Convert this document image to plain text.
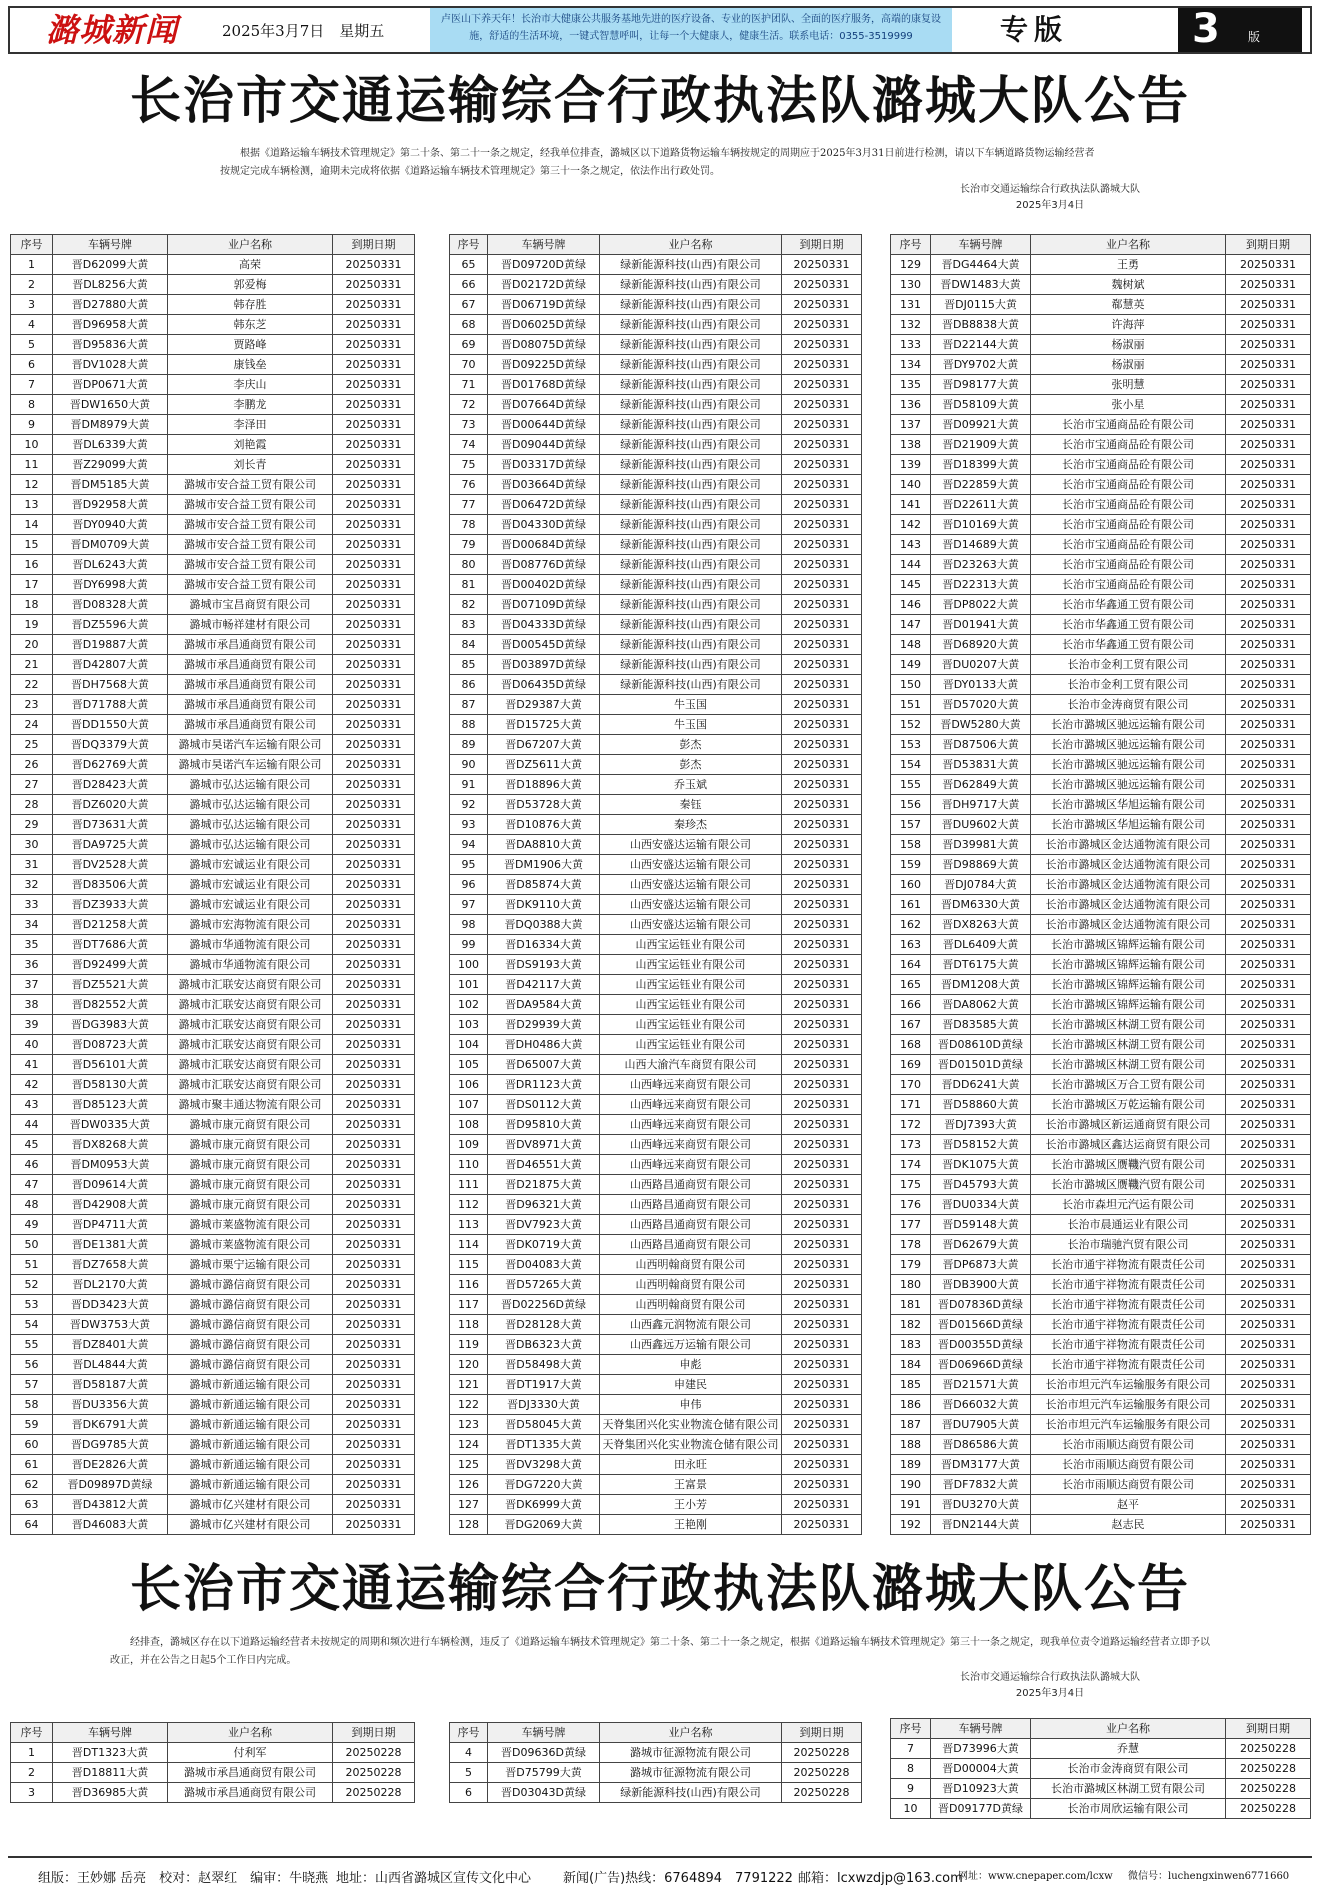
潞城新闻	2025年3月7日　星期五
卢医山下养天年！长治市大健康公共服务基地先进的医疗设备、专业的医护团队、全面的医疗服务，高端的康复设施，舒适的生活环境，一键式智慧呼叫，让每一个大健康人，健康生活。联系电话：0355-3519999	专版	3 版
长治市交通运输综合行政执法队潞城大队公告
根据《道路运输车辆技术管理规定》第二十条、第二十一条之规定，经我单位排查，潞城区以下道路货物运输车辆按规定的周期应于2025年3月31日前进行检测，请以下车辆道路货物运输经营者按规定完成车辆检测，逾期未完成将依据《道路运输车辆技术管理规定》第三十一条之规定，依法作出行政处罚。
长治市交通运输综合行政执法队潞城大队
2025年3月4日
序号	车辆号牌	业户名称	到期日期
1	晋D62099大黄	高荣	20250331
2	晋DL8256大黄	郭爱梅	20250331
3	晋D27880大黄	韩存胜	20250331
4	晋D96958大黄	韩东芝	20250331
5	晋D95836大黄	贾路峰	20250331
6	晋DV1028大黄	康钱垒	20250331
7	晋DP0671大黄	李庆山	20250331
8	晋DW1650大黄	李鹏龙	20250331
9	晋DM8979大黄	李泽田	20250331
10	晋DL6339大黄	刘艳霞	20250331
11	晋Z29099大黄	刘长青	20250331
12	晋DM5185大黄	潞城市安合益工贸有限公司	20250331
13	晋D92958大黄	潞城市安合益工贸有限公司	20250331
14	晋DY0940大黄	潞城市安合益工贸有限公司	20250331
15	晋DM0709大黄	潞城市安合益工贸有限公司	20250331
16	晋DL6243大黄	潞城市安合益工贸有限公司	20250331
17	晋DY6998大黄	潞城市安合益工贸有限公司	20250331
18	晋D08328大黄	潞城市宝昌商贸有限公司	20250331
19	晋DZ5596大黄	潞城市畅祥建材有限公司	20250331
20	晋D19887大黄	潞城市承昌通商贸有限公司	20250331
21	晋D42807大黄	潞城市承昌通商贸有限公司	20250331
22	晋DH7568大黄	潞城市承昌通商贸有限公司	20250331
23	晋D71788大黄	潞城市承昌通商贸有限公司	20250331
24	晋DD1550大黄	潞城市承昌通商贸有限公司	20250331
25	晋DQ3379大黄	潞城市昊诺汽车运输有限公司	20250331
26	晋D62769大黄	潞城市昊诺汽车运输有限公司	20250331
27	晋D28423大黄	潞城市弘达运输有限公司	20250331
28	晋DZ6020大黄	潞城市弘达运输有限公司	20250331
29	晋D73631大黄	潞城市弘达运输有限公司	20250331
30	晋DA9725大黄	潞城市弘达运输有限公司	20250331
31	晋DV2528大黄	潞城市宏诚运业有限公司	20250331
32	晋D83506大黄	潞城市宏诚运业有限公司	20250331
33	晋DZ3933大黄	潞城市宏诚运业有限公司	20250331
34	晋D21258大黄	潞城市宏海物流有限公司	20250331
35	晋DT7686大黄	潞城市华通物流有限公司	20250331
36	晋D92499大黄	潞城市华通物流有限公司	20250331
37	晋DZ5521大黄	潞城市汇联安达商贸有限公司	20250331
38	晋D82552大黄	潞城市汇联安达商贸有限公司	20250331
39	晋DG3983大黄	潞城市汇联安达商贸有限公司	20250331
40	晋D08723大黄	潞城市汇联安达商贸有限公司	20250331
41	晋D56101大黄	潞城市汇联安达商贸有限公司	20250331
42	晋D58130大黄	潞城市汇联安达商贸有限公司	20250331
43	晋D85123大黄	潞城市聚丰通达物流有限公司	20250331
44	晋DW0335大黄	潞城市康元商贸有限公司	20250331
45	晋DX8268大黄	潞城市康元商贸有限公司	20250331
46	晋DM0953大黄	潞城市康元商贸有限公司	20250331
47	晋D09614大黄	潞城市康元商贸有限公司	20250331
48	晋D42908大黄	潞城市康元商贸有限公司	20250331
49	晋DP4711大黄	潞城市莱盛物流有限公司	20250331
50	晋DE1381大黄	潞城市莱盛物流有限公司	20250331
51	晋DZ7658大黄	潞城市栗宁运输有限公司	20250331
52	晋DL2170大黄	潞城市潞信商贸有限公司	20250331
53	晋DD3423大黄	潞城市潞信商贸有限公司	20250331
54	晋DW3753大黄	潞城市潞信商贸有限公司	20250331
55	晋DZ8401大黄	潞城市潞信商贸有限公司	20250331
56	晋DL4844大黄	潞城市潞信商贸有限公司	20250331
57	晋D58187大黄	潞城市新通运输有限公司	20250331
58	晋DU3356大黄	潞城市新通运输有限公司	20250331
59	晋DK6791大黄	潞城市新通运输有限公司	20250331
60	晋DG9785大黄	潞城市新通运输有限公司	20250331
61	晋DE2826大黄	潞城市新通运输有限公司	20250331
62	晋D09897D黄绿	潞城市新通运输有限公司	20250331
63	晋D43812大黄	潞城市亿兴建材有限公司	20250331
64	晋D46083大黄	潞城市亿兴建材有限公司	20250331
序号	车辆号牌	业户名称	到期日期
65	晋D09720D黄绿	绿新能源科技(山西)有限公司	20250331
66	晋D02172D黄绿	绿新能源科技(山西)有限公司	20250331
67	晋D06719D黄绿	绿新能源科技(山西)有限公司	20250331
68	晋D06025D黄绿	绿新能源科技(山西)有限公司	20250331
69	晋D08075D黄绿	绿新能源科技(山西)有限公司	20250331
70	晋D09225D黄绿	绿新能源科技(山西)有限公司	20250331
71	晋D01768D黄绿	绿新能源科技(山西)有限公司	20250331
72	晋D07664D黄绿	绿新能源科技(山西)有限公司	20250331
73	晋D00644D黄绿	绿新能源科技(山西)有限公司	20250331
74	晋D09044D黄绿	绿新能源科技(山西)有限公司	20250331
75	晋D03317D黄绿	绿新能源科技(山西)有限公司	20250331
76	晋D03664D黄绿	绿新能源科技(山西)有限公司	20250331
77	晋D06472D黄绿	绿新能源科技(山西)有限公司	20250331
78	晋D04330D黄绿	绿新能源科技(山西)有限公司	20250331
79	晋D00684D黄绿	绿新能源科技(山西)有限公司	20250331
80	晋D08776D黄绿	绿新能源科技(山西)有限公司	20250331
81	晋D00402D黄绿	绿新能源科技(山西)有限公司	20250331
82	晋D07109D黄绿	绿新能源科技(山西)有限公司	20250331
83	晋D04333D黄绿	绿新能源科技(山西)有限公司	20250331
84	晋D00545D黄绿	绿新能源科技(山西)有限公司	20250331
85	晋D03897D黄绿	绿新能源科技(山西)有限公司	20250331
86	晋D06435D黄绿	绿新能源科技(山西)有限公司	20250331
87	晋D29387大黄	牛玉国	20250331
88	晋D15725大黄	牛玉国	20250331
89	晋D67207大黄	彭杰	20250331
90	晋DZ5611大黄	彭杰	20250331
91	晋D18896大黄	乔玉斌	20250331
92	晋D53728大黄	秦钰	20250331
93	晋D10876大黄	秦珍杰	20250331
94	晋DA8810大黄	山西安盛达运输有限公司	20250331
95	晋DM1906大黄	山西安盛达运输有限公司	20250331
96	晋D85874大黄	山西安盛达运输有限公司	20250331
97	晋DK9110大黄	山西安盛达运输有限公司	20250331
98	晋DQ0388大黄	山西安盛达运输有限公司	20250331
99	晋D16334大黄	山西宝运钰业有限公司	20250331
100	晋DS9193大黄	山西宝运钰业有限公司	20250331
101	晋D42117大黄	山西宝运钰业有限公司	20250331
102	晋DA9584大黄	山西宝运钰业有限公司	20250331
103	晋D29939大黄	山西宝运钰业有限公司	20250331
104	晋DH0486大黄	山西宝运钰业有限公司	20250331
105	晋D65007大黄	山西大渝汽车商贸有限公司	20250331
106	晋DR1123大黄	山西峰远来商贸有限公司	20250331
107	晋DS0112大黄	山西峰远来商贸有限公司	20250331
108	晋D95810大黄	山西峰远来商贸有限公司	20250331
109	晋DV8971大黄	山西峰远来商贸有限公司	20250331
110	晋D46551大黄	山西峰远来商贸有限公司	20250331
111	晋D21875大黄	山西路昌通商贸有限公司	20250331
112	晋D96321大黄	山西路昌通商贸有限公司	20250331
113	晋DV7923大黄	山西路昌通商贸有限公司	20250331
114	晋DK0719大黄	山西路昌通商贸有限公司	20250331
115	晋D04083大黄	山西明翰商贸有限公司	20250331
116	晋D57265大黄	山西明翰商贸有限公司	20250331
117	晋D02256D黄绿	山西明翰商贸有限公司	20250331
118	晋D28128大黄	山西鑫元润物流有限公司	20250331
119	晋DB6323大黄	山西鑫远万运输有限公司	20250331
120	晋D58498大黄	申彪	20250331
121	晋DT1917大黄	申建民	20250331
122	晋DJ3330大黄	申伟	20250331
123	晋D58045大黄	天脊集团兴化实业物流仓储有限公司	20250331
124	晋DT1335大黄	天脊集团兴化实业物流仓储有限公司	20250331
125	晋DV3298大黄	田永旺	20250331
126	晋DG7220大黄	王富景	20250331
127	晋DK6999大黄	王小芳	20250331
128	晋DG2069大黄	王艳刚	20250331
序号	车辆号牌	业户名称	到期日期
129	晋DG4464大黄	王勇	20250331
130	晋DW1483大黄	魏树斌	20250331
131	晋DJ0115大黄	郗慧英	20250331
132	晋DB8838大黄	许海萍	20250331
133	晋D22144大黄	杨淑丽	20250331
134	晋DY9702大黄	杨淑丽	20250331
135	晋D98177大黄	张明慧	20250331
136	晋D58109大黄	张小星	20250331
137	晋D09921大黄	长治市宝通商品砼有限公司	20250331
138	晋D21909大黄	长治市宝通商品砼有限公司	20250331
139	晋D18399大黄	长治市宝通商品砼有限公司	20250331
140	晋D22859大黄	长治市宝通商品砼有限公司	20250331
141	晋D22611大黄	长治市宝通商品砼有限公司	20250331
142	晋D10169大黄	长治市宝通商品砼有限公司	20250331
143	晋D14689大黄	长治市宝通商品砼有限公司	20250331
144	晋D23263大黄	长治市宝通商品砼有限公司	20250331
145	晋D22313大黄	长治市宝通商品砼有限公司	20250331
146	晋DP8022大黄	长治市华鑫通工贸有限公司	20250331
147	晋D01941大黄	长治市华鑫通工贸有限公司	20250331
148	晋D68920大黄	长治市华鑫通工贸有限公司	20250331
149	晋DU0207大黄	长治市金利工贸有限公司	20250331
150	晋DY0133大黄	长治市金利工贸有限公司	20250331
151	晋D57020大黄	长治市金涛商贸有限公司	20250331
152	晋DW5280大黄	长治市潞城区驰远运输有限公司	20250331
153	晋D87506大黄	长治市潞城区驰远运输有限公司	20250331
154	晋D53831大黄	长治市潞城区驰远运输有限公司	20250331
155	晋D62849大黄	长治市潞城区驰远运输有限公司	20250331
156	晋DH9717大黄	长治市潞城区华旭运输有限公司	20250331
157	晋DU9602大黄	长治市潞城区华旭运输有限公司	20250331
158	晋D39981大黄	长治市潞城区金达通物流有限公司	20250331
159	晋D98869大黄	长治市潞城区金达通物流有限公司	20250331
160	晋DJ0784大黄	长治市潞城区金达通物流有限公司	20250331
161	晋DM6330大黄	长治市潞城区金达通物流有限公司	20250331
162	晋DX8263大黄	长治市潞城区金达通物流有限公司	20250331
163	晋DL6409大黄	长治市潞城区锦辉运输有限公司	20250331
164	晋DT6175大黄	长治市潞城区锦辉运输有限公司	20250331
165	晋DM1208大黄	长治市潞城区锦辉运输有限公司	20250331
166	晋DA8062大黄	长治市潞城区锦辉运输有限公司	20250331
167	晋D83585大黄	长治市潞城区林湖工贸有限公司	20250331
168	晋D08610D黄绿	长治市潞城区林湖工贸有限公司	20250331
169	晋D01501D黄绿	长治市潞城区林湖工贸有限公司	20250331
170	晋DD6241大黄	长治市潞城区万合工贸有限公司	20250331
171	晋D58860大黄	长治市潞城区万乾运输有限公司	20250331
172	晋DJ7393大黄	长治市潞城区新运通商贸有限公司	20250331
173	晋D58152大黄	长治市潞城区鑫达运商贸有限公司	20250331
174	晋DK1075大黄	长治市潞城区赝鞿汽贸有限公司	20250331
175	晋D45793大黄	长治市潞城区赝鞿汽贸有限公司	20250331
176	晋DU0334大黄	长治市森坦元汽运有限公司	20250331
177	晋D59148大黄	长治市晨通运业有限公司	20250331
178	晋D62679大黄	长治市瑞驰汽贸有限公司	20250331
179	晋DP6873大黄	长治市通宇祥物流有限责任公司	20250331
180	晋DB3900大黄	长治市通宇祥物流有限责任公司	20250331
181	晋D07836D黄绿	长治市通宇祥物流有限责任公司	20250331
182	晋D01566D黄绿	长治市通宇祥物流有限责任公司	20250331
183	晋D00355D黄绿	长治市通宇祥物流有限责任公司	20250331
184	晋D06966D黄绿	长治市通宇祥物流有限责任公司	20250331
185	晋D21571大黄	长治市坦元汽车运输服务有限公司	20250331
186	晋D66032大黄	长治市坦元汽车运输服务有限公司	20250331
187	晋DU7905大黄	长治市坦元汽车运输服务有限公司	20250331
188	晋D86586大黄	长治市雨顺达商贸有限公司	20250331
189	晋DM3177大黄	长治市雨顺达商贸有限公司	20250331
190	晋DF7832大黄	长治市雨顺达商贸有限公司	20250331
191	晋DU3270大黄	赵平	20250331
192	晋DN2144大黄	赵志民	20250331
长治市交通运输综合行政执法队潞城大队公告
经排查，潞城区存在以下道路运输经营者未按规定的周期和频次进行车辆检测，违反了《道路运输车辆技术管理规定》第二十条、第二十一条之规定，根据《道路运输车辆技术管理规定》第三十一条之规定，现我单位责令道路运输经营者立即予以改正，并在公告之日起5个工作日内完成。
长治市交通运输综合行政执法队潞城大队
2025年3月4日
序号	车辆号牌	业户名称	到期日期
1	晋DT1323大黄	付利军	20250228
2	晋D18811大黄	潞城市承昌通商贸有限公司	20250228
3	晋D36985大黄	潞城市承昌通商贸有限公司	20250228
序号	车辆号牌	业户名称	到期日期
4	晋D09636D黄绿	潞城市征源物流有限公司	20250228
5	晋D75799大黄	潞城市征源物流有限公司	20250228
6	晋D03043D黄绿	绿新能源科技(山西)有限公司	20250228
序号	车辆号牌	业户名称	到期日期
7	晋D73996大黄	乔慧	20250228
8	晋D00004大黄	长治市金涛商贸有限公司	20250228
9	晋D10923大黄	长治市潞城区林湖工贸有限公司	20250228
10	晋D09177D黄绿	长治市周欣运输有限公司	20250228
组版：王妙娜 岳亮　校对：赵翠红　编审：牛晓燕 地址：山西省潞城区宣传文化中心 新闻(广告)热线：6764894　7791222 邮箱：lcxwzdjp@163.com
网址：www.cnepaper.com/lcxw 微信号：luchengxinwen6771660
